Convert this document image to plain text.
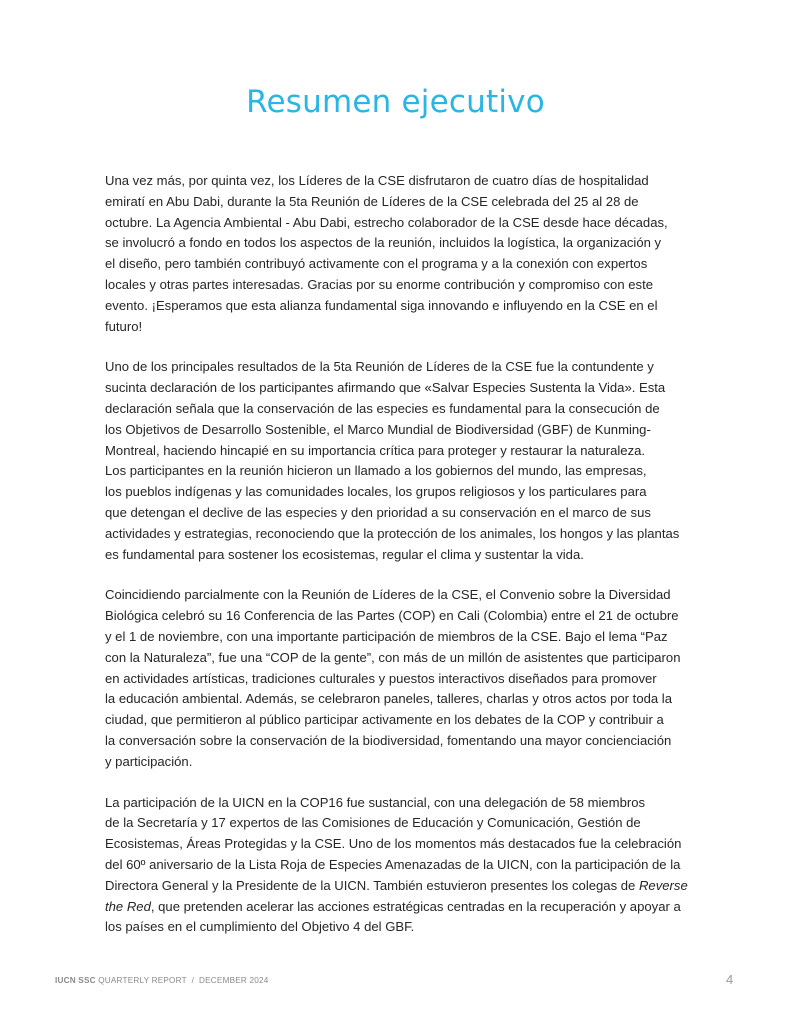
Resumen ejecutivo

Una vez más, por quinta vez, los Líderes de la CSE disfrutaron de cuatro días de hospitalidad
emiratí en Abu Dabi, durante la 5ta Reunión de Líderes de la CSE celebrada del 25 al 28 de
octubre. La Agencia Ambiental - Abu Dabi, estrecho colaborador de la CSE desde hace décadas,
se involucró a fondo en todos los aspectos de la reunión, incluidos la logística, la organización y
el diseño, pero también contribuyó activamente con el programa y a la conexión con expertos
locales y otras partes interesadas. Gracias por su enorme contribución y compromiso con este
evento. ¡Esperamos que esta alianza fundamental siga innovando e influyendo en la CSE en el
futuro!

Uno de los principales resultados de la 5ta Reunión de Líderes de la CSE fue la contundente y
sucinta declaración de los participantes afirmando que «Salvar Especies Sustenta la Vida». Esta
declaración señala que la conservación de las especies es fundamental para la consecución de
los Objetivos de Desarrollo Sostenible, el Marco Mundial de Biodiversidad (GBF) de Kunming-
Montreal, haciendo hincapié en su importancia crítica para proteger y restaurar la naturaleza.
Los participantes en la reunión hicieron un llamado a los gobiernos del mundo, las empresas,
los pueblos indígenas y las comunidades locales, los grupos religiosos y los particulares para
que detengan el declive de las especies y den prioridad a su conservación en el marco de sus
actividades y estrategias, reconociendo que la protección de los animales, los hongos y las plantas
es fundamental para sostener los ecosistemas, regular el clima y sustentar la vida.

Coincidiendo parcialmente con la Reunión de Líderes de la CSE, el Convenio sobre la Diversidad
Biológica celebró su 16 Conferencia de las Partes (COP) en Cali (Colombia) entre el 21 de octubre
y el 1 de noviembre, con una importante participación de miembros de la CSE. Bajo el lema “Paz
con la Naturaleza”, fue una “COP de la gente”, con más de un millón de asistentes que participaron
en actividades artísticas, tradiciones culturales y puestos interactivos diseñados para promover
la educación ambiental. Además, se celebraron paneles, talleres, charlas y otros actos por toda la
ciudad, que permitieron al público participar activamente en los debates de la COP y contribuir a
la conversación sobre la conservación de la biodiversidad, fomentando una mayor concienciación
y participación.

La participación de la UICN en la COP16 fue sustancial, con una delegación de 58 miembros
de la Secretaría y 17 expertos de las Comisiones de Educación y Comunicación, Gestión de
Ecosistemas, Áreas Protegidas y la CSE. Uno de los momentos más destacados fue la celebración
del 60º aniversario de la Lista Roja de Especies Amenazadas de la UICN, con la participación de la
Directora General y la Presidente de la UICN. También estuvieron presentes los colegas de Reverse
the Red, que pretenden acelerar las acciones estratégicas centradas en la recuperación y apoyar a
los países en el cumplimiento del Objetivo 4 del GBF.

IUCN SSC QUARTERLY REPORT  /  DECEMBER 2024	4
